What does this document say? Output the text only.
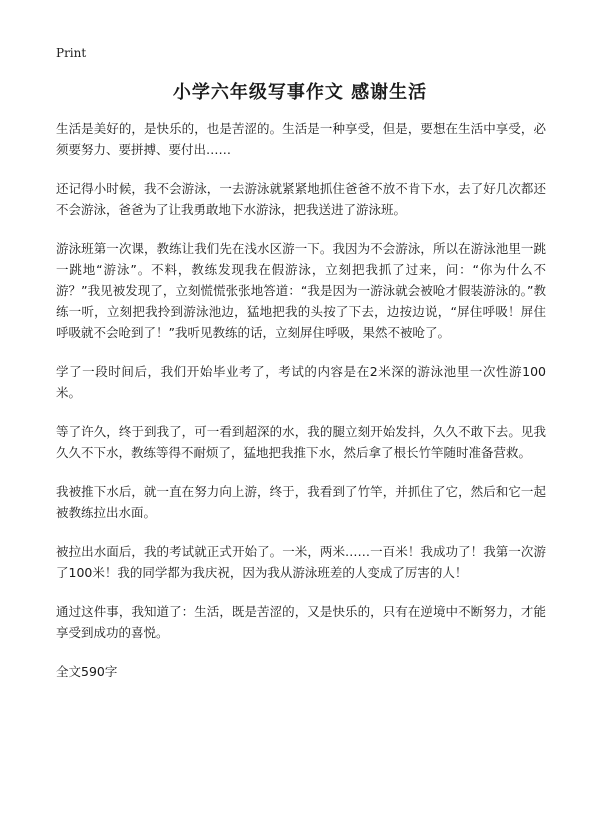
Print
小学六年级写事作文 感谢生活

生活是美好的，是快乐的，也是苦涩的。生活是一种享受，但是，要想在生活中享受，必须要努力、要拼搏、要付出……

还记得小时候，我不会游泳，一去游泳就紧紧地抓住爸爸不放不肯下水，去了好几次都还不会游泳，爸爸为了让我勇敢地下水游泳，把我送进了游泳班。

游泳班第一次课，教练让我们先在浅水区游一下。我因为不会游泳，所以在游泳池里一跳一跳地“游泳”。不料，教练发现我在假游泳，立刻把我抓了过来，问：“你为什么不游？”我见被发现了，立刻慌慌张张地答道：“我是因为一游泳就会被呛才假装游泳的。”教练一听，立刻把我拎到游泳池边，猛地把我的头按了下去，边按边说，“屏住呼吸！屏住呼吸就不会呛到了！”我听见教练的话，立刻屏住呼吸，果然不被呛了。

学了一段时间后，我们开始毕业考了，考试的内容是在2米深的游泳池里一次性游100米。

等了许久，终于到我了，可一看到超深的水，我的腿立刻开始发抖，久久不敢下去。见我久久不下水，教练等得不耐烦了，猛地把我推下水，然后拿了根长竹竿随时准备营救。

我被推下水后，就一直在努力向上游，终于，我看到了竹竿，并抓住了它，然后和它一起被教练拉出水面。

被拉出水面后，我的考试就正式开始了。一米，两米……一百米！我成功了！我第一次游了100米！我的同学都为我庆祝，因为我从游泳班差的人变成了厉害的人！

通过这件事，我知道了：生活，既是苦涩的，又是快乐的，只有在逆境中不断努力，才能享受到成功的喜悦。

全文590字
